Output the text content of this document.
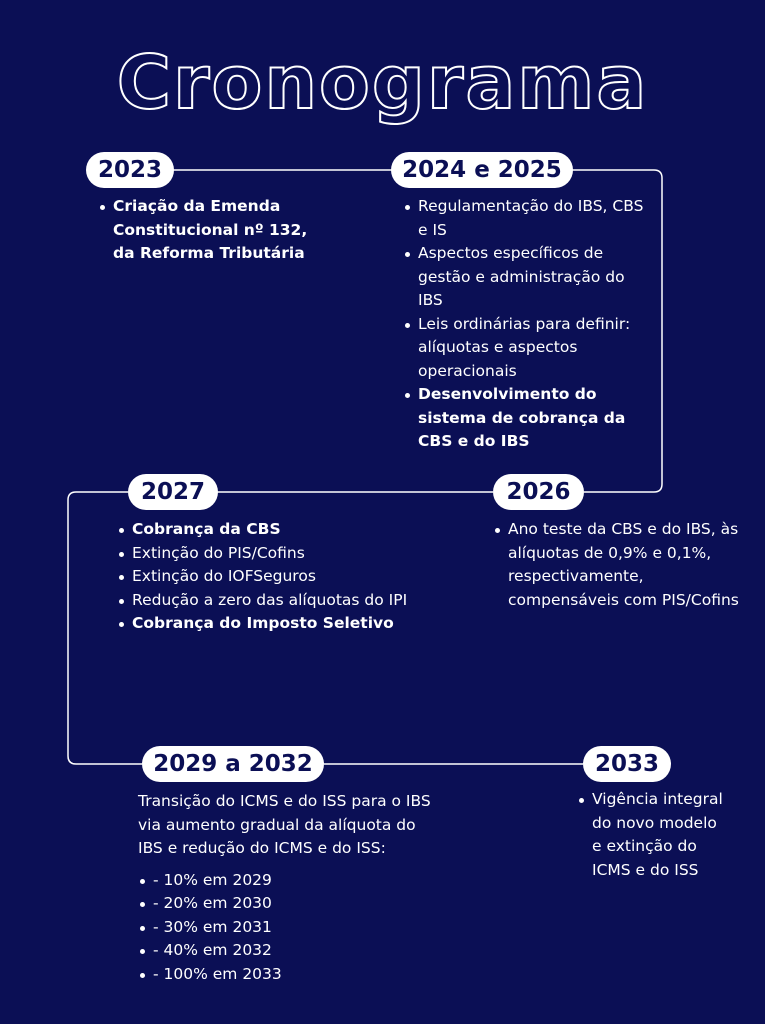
Cronograma
2023
Criação da Emenda Constitucional nº 132, da Reforma Tributária
2024 e 2025
Regulamentação do IBS, CBS e IS
Aspectos específicos de gestão e administração do IBS
Leis ordinárias para definir: alíquotas e aspectos operacionais
Desenvolvimento do sistema de cobrança da CBS e do IBS
2026
Ano teste da CBS e do IBS, às alíquotas de 0,9% e 0,1%, respectivamente, compensáveis com PIS/Cofins
2027
Cobrança da CBS
Extinção do PIS/Cofins
Extinção do IOFSeguros
Redução a zero das alíquotas do IPI
Cobrança do Imposto Seletivo
2029 a 2032

Transição do ICMS e do ISS para o IBS via aumento gradual da alíquota do IBS e redução do ICMS e do ISS:

- 10% em 2029
- 20% em 2030
- 30% em 2031
- 40% em 2032
- 100% em 2033
2033
Vigência integral do novo modelo e extinção do ICMS e do ISS
